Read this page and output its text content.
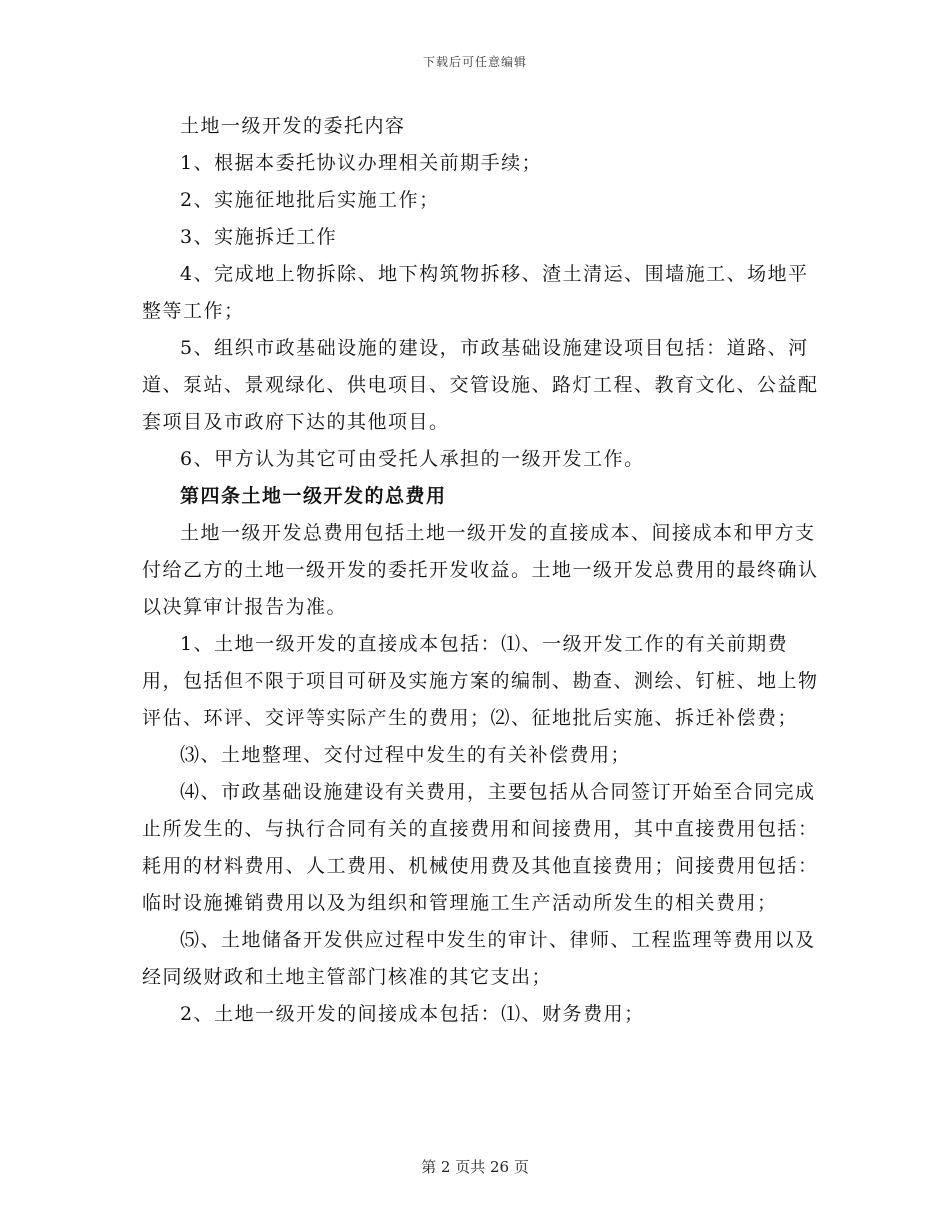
下载后可任意编辑

土地一级开发的委托内容

1、根据本委托协议办理相关前期手续；

2、实施征地批后实施工作；

3、实施拆迁工作

4、完成地上物拆除、地下构筑物拆移、渣土清运、围墙施工、场地平整等工作；

5、组织市政基础设施的建设，市政基础设施建设项目包括：道路、河道、泵站、景观绿化、供电项目、交管设施、路灯工程、教育文化、公益配套项目及市政府下达的其他项目。

6、甲方认为其它可由受托人承担的一级开发工作。

第四条土地一级开发的总费用

土地一级开发总费用包括土地一级开发的直接成本、间接成本和甲方支付给乙方的土地一级开发的委托开发收益。土地一级开发总费用的最终确认以决算审计报告为准。

1、土地一级开发的直接成本包括：⑴、一级开发工作的有关前期费用，包括但不限于项目可研及实施方案的编制、勘查、测绘、钉桩、地上物评估、环评、交评等实际产生的费用；⑵、征地批后实施、拆迁补偿费；

⑶、土地整理、交付过程中发生的有关补偿费用；

⑷、市政基础设施建设有关费用，主要包括从合同签订开始至合同完成止所发生的、与执行合同有关的直接费用和间接费用，其中直接费用包括：耗用的材料费用、人工费用、机械使用费及其他直接费用；间接费用包括：临时设施摊销费用以及为组织和管理施工生产活动所发生的相关费用；

⑸、土地储备开发供应过程中发生的审计、律师、工程监理等费用以及经同级财政和土地主管部门核准的其它支出；

2、土地一级开发的间接成本包括：⑴、财务费用；

第 2 页共 26 页
